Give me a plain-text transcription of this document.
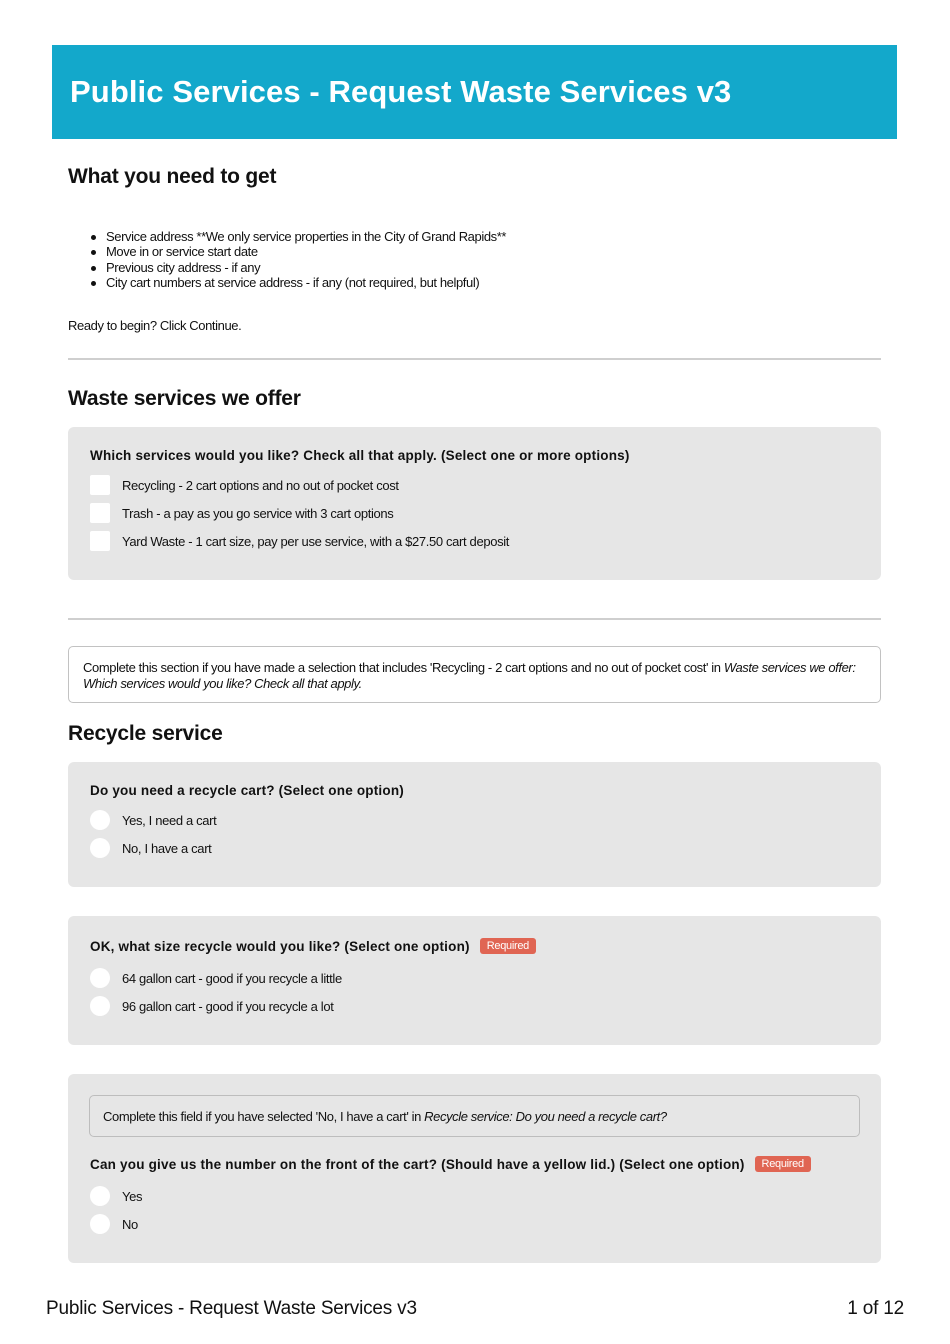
Public Services - Request Waste Services v3
What you need to get
Service address **We only service properties in the City of Grand Rapids**
Move in or service start date
Previous city address - if any
City cart numbers at service address - if any (not required, but helpful)
Ready to begin? Click Continue.
Waste services we offer
Which services would you like? Check all that apply. (Select one or more options)
Recycling - 2 cart options and no out of pocket cost
Trash - a pay as you go service with 3 cart options
Yard Waste - 1 cart size, pay per use service, with a $27.50 cart deposit
Complete this section if you have made a selection that includes 'Recycling - 2 cart options and no out of pocket cost' in Waste services we offer: Which services would you like? Check all that apply.
Recycle service
Do you need a recycle cart? (Select one option)
Yes, I need a cart
No, I have a cart
OK, what size recycle would you like? (Select one option) Required
64 gallon cart - good if you recycle a little
96 gallon cart - good if you recycle a lot
Complete this field if you have selected 'No, I have a cart' in Recycle service: Do you need a recycle cart?
Can you give us the number on the front of the cart? (Should have a yellow lid.) (Select one option) Required
Yes
No
Public Services - Request Waste Services v3	1 of 12
